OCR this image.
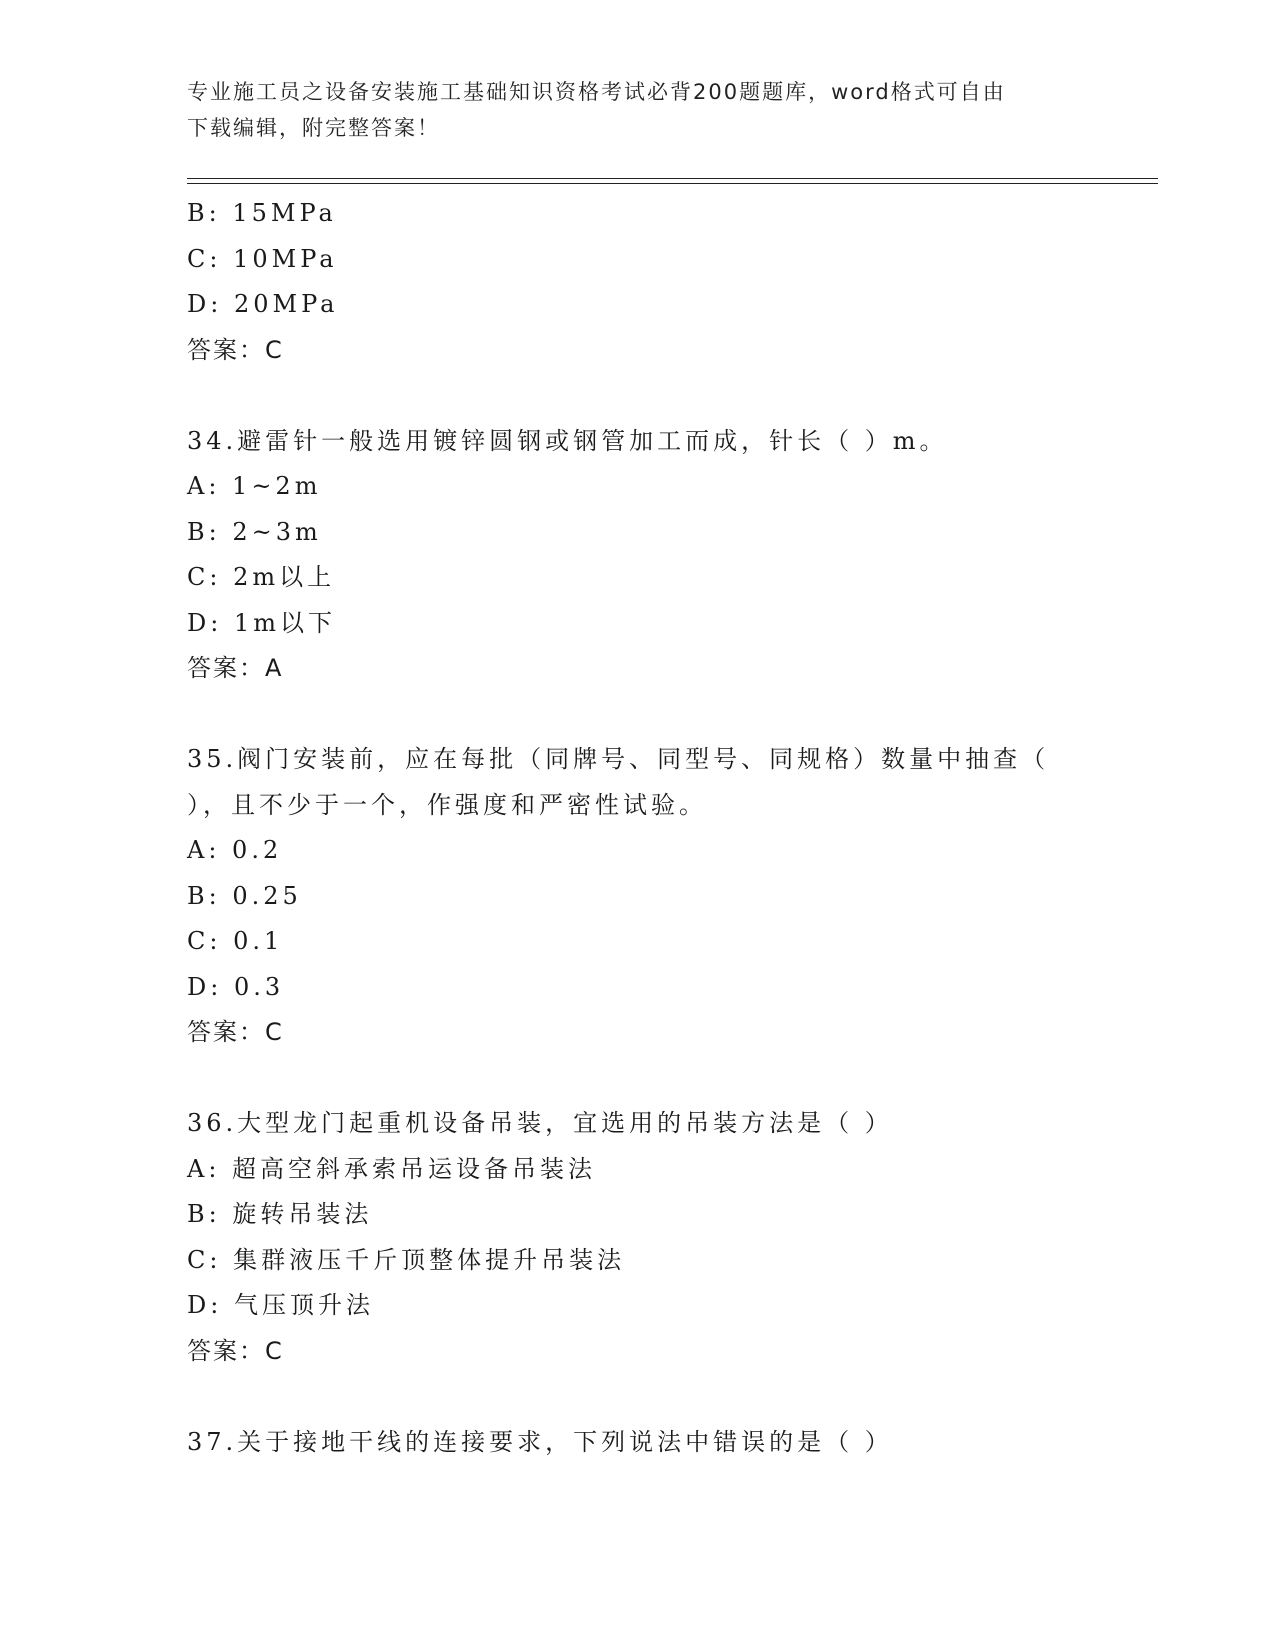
专业施工员之设备安装施工基础知识资格考试必背200题题库，word格式可自由
下载编辑，附完整答案！
B: 15MPa
C: 10MPa
D: 20MPa
答案：C
34.避雷针一般选用镀锌圆钢或钢管加工而成，针长（ ）m。
A: 1~2m
B: 2~3m
C: 2m以上
D: 1m以下
答案：A
35.阀门安装前，应在每批（同牌号、同型号、同规格）数量中抽查（
），且不少于一个，作强度和严密性试验。
A: 0.2
B: 0.25
C: 0.1
D: 0.3
答案：C
36.大型龙门起重机设备吊装，宜选用的吊装方法是（ ）
A: 超高空斜承索吊运设备吊装法
B: 旋转吊装法
C: 集群液压千斤顶整体提升吊装法
D: 气压顶升法
答案：C
37.关于接地干线的连接要求，下列说法中错误的是（ ）
